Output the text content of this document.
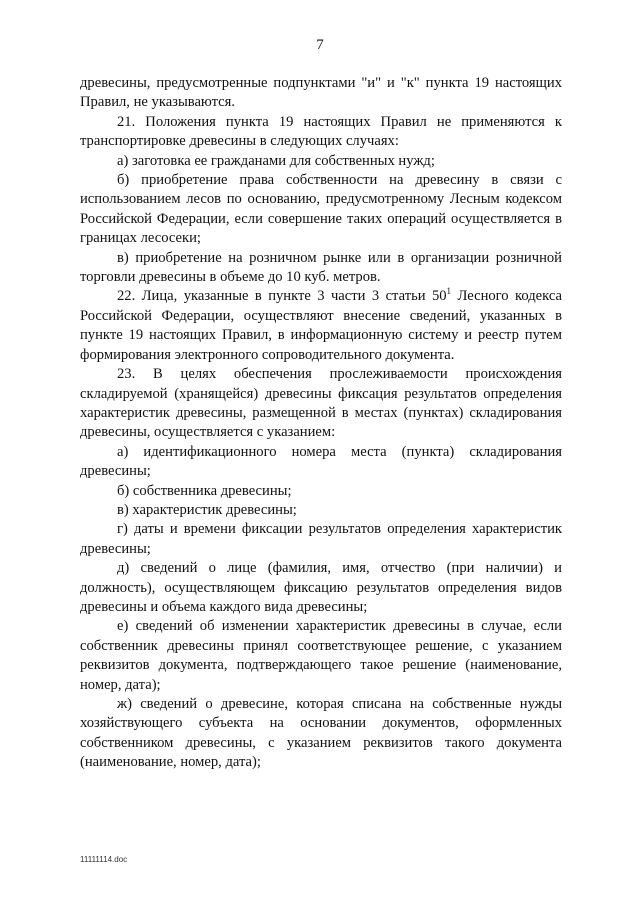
7

древесины, предусмотренные подпунктами "и" и "к" пункта 19 настоящих Правил, не указываются.

21. Положения пункта 19 настоящих Правил не применяются к транспортировке древесины в следующих случаях:

а) заготовка ее гражданами для собственных нужд;

б) приобретение права собственности на древесину в связи с использованием лесов по основанию, предусмотренному Лесным кодексом Российской Федерации, если совершение таких операций осуществляется в границах лесосеки;

в) приобретение на розничном рынке или в организации розничной торговли древесины в объеме до 10 куб. метров.

22. Лица, указанные в пункте 3 части 3 статьи $50^1$ Лесного кодекса Российской Федерации, осуществляют внесение сведений, указанных в пункте 19 настоящих Правил, в информационную систему и реестр путем формирования электронного сопроводительного документа.

23. В целях обеспечения прослеживаемости происхождения складируемой (хранящейся) древесины фиксация результатов определения характеристик древесины, размещенной в местах (пунктах) складирования древесины, осуществляется с указанием:

а) идентификационного номера места (пункта) складирования древесины;

б) собственника древесины;

в) характеристик древесины;

г) даты и времени фиксации результатов определения характеристик древесины;

д) сведений о лице (фамилия, имя, отчество (при наличии) и должность), осуществляющем фиксацию результатов определения видов древесины и объема каждого вида древесины;

е) сведений об изменении характеристик древесины в случае, если собственник древесины принял соответствующее решение, с указанием реквизитов документа, подтверждающего такое решение (наименование, номер, дата);

ж) сведений о древесине, которая списана на собственные нужды хозяйствующего субъекта на основании документов, оформленных собственником древесины, с указанием реквизитов такого документа (наименование, номер, дата);

11111114.doc
